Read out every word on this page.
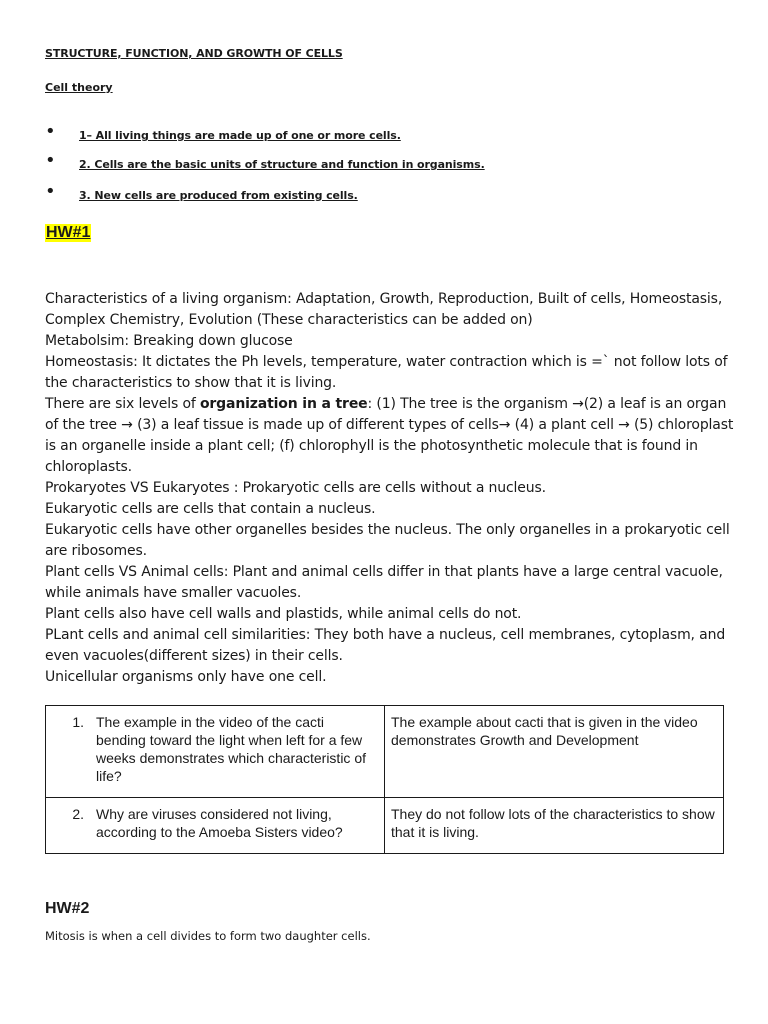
STRUCTURE, FUNCTION, AND GROWTH OF CELLS
Cell theory
• 1– All living things are made up of one or more cells.
• 2. Cells are the basic units of structure and function in organisms.
• 3. New cells are produced from existing cells.
HW#1

Characteristics of a living organism: Adaptation, Growth, Reproduction, Built of cells, Homeostasis, Complex Chemistry, Evolution (These characteristics can be added on)

Metabolsim: Breaking down glucose

Homeostasis: It dictates the Ph levels, temperature, water contraction which is =` not follow lots of the characteristics to show that it is living.

There are six levels of organization in a tree: (1) The tree is the organism →(2) a leaf is an organ of the tree → (3) a leaf tissue is made up of different types of cells→ (4) a plant cell → (5) chloroplast is an organelle inside a plant cell; (f) chlorophyll is the photosynthetic molecule that is found in chloroplasts.

Prokaryotes VS Eukaryotes : Prokaryotic cells are cells without a nucleus.

Eukaryotic cells are cells that contain a nucleus.

Eukaryotic cells have other organelles besides the nucleus. The only organelles in a prokaryotic cell are ribosomes.

Plant cells VS Animal cells: Plant and animal cells differ in that plants have a large central vacuole, while animals have smaller vacuoles.

Plant cells also have cell walls and plastids, while animal cells do not.

PLant cells and animal cell similarities: They both have a nucleus, cell membranes, cytoplasm, and even vacuoles(different sizes) in their cells.

Unicellular organisms only have one cell.

1. The example in the video of the cacti bending toward the light when left for a few weeks demonstrates which characteristic of life?	The example about cacti that is given in the video demonstrates Growth and Development
2. Why are viruses considered not living, according to the Amoeba Sisters video?	They do not follow lots of the characteristics to show that it is living.
HW#2
Mitosis is when a cell divides to form two daughter cells.
